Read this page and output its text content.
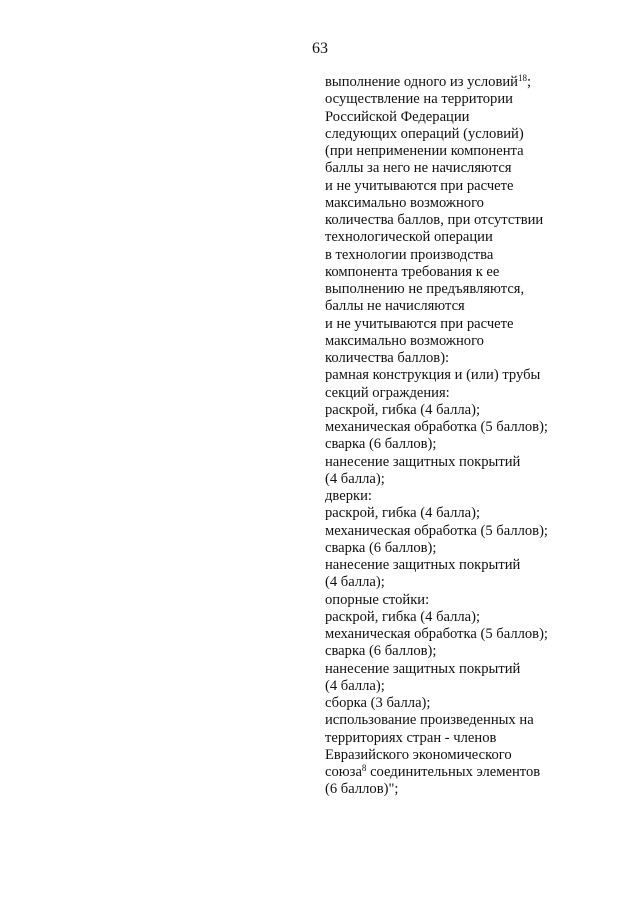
63
выполнение одного из условий$^{18}$;
осуществление на территории
Российской Федерации
следующих операций (условий)
(при неприменении компонента
баллы за него не начисляются
и не учитываются при расчете
максимально возможного
количества баллов, при отсутствии
технологической операции
в технологии производства
компонента требования к ее
выполнению не предъявляются,
баллы не начисляются
и не учитываются при расчете
максимально возможного
количества баллов):
рамная конструкция и (или) трубы
секций ограждения:
раскрой, гибка (4 балла);
механическая обработка (5 баллов);
сварка (6 баллов);
нанесение защитных покрытий
(4 балла);
дверки:
раскрой, гибка (4 балла);
механическая обработка (5 баллов);
сварка (6 баллов);
нанесение защитных покрытий
(4 балла);
опорные стойки:
раскрой, гибка (4 балла);
механическая обработка (5 баллов);
сварка (6 баллов);
нанесение защитных покрытий
(4 балла);
сборка (3 балла);
использование произведенных на
территориях стран - членов
Евразийского экономического
союза$^8$ соединительных элементов
(6 баллов)";
